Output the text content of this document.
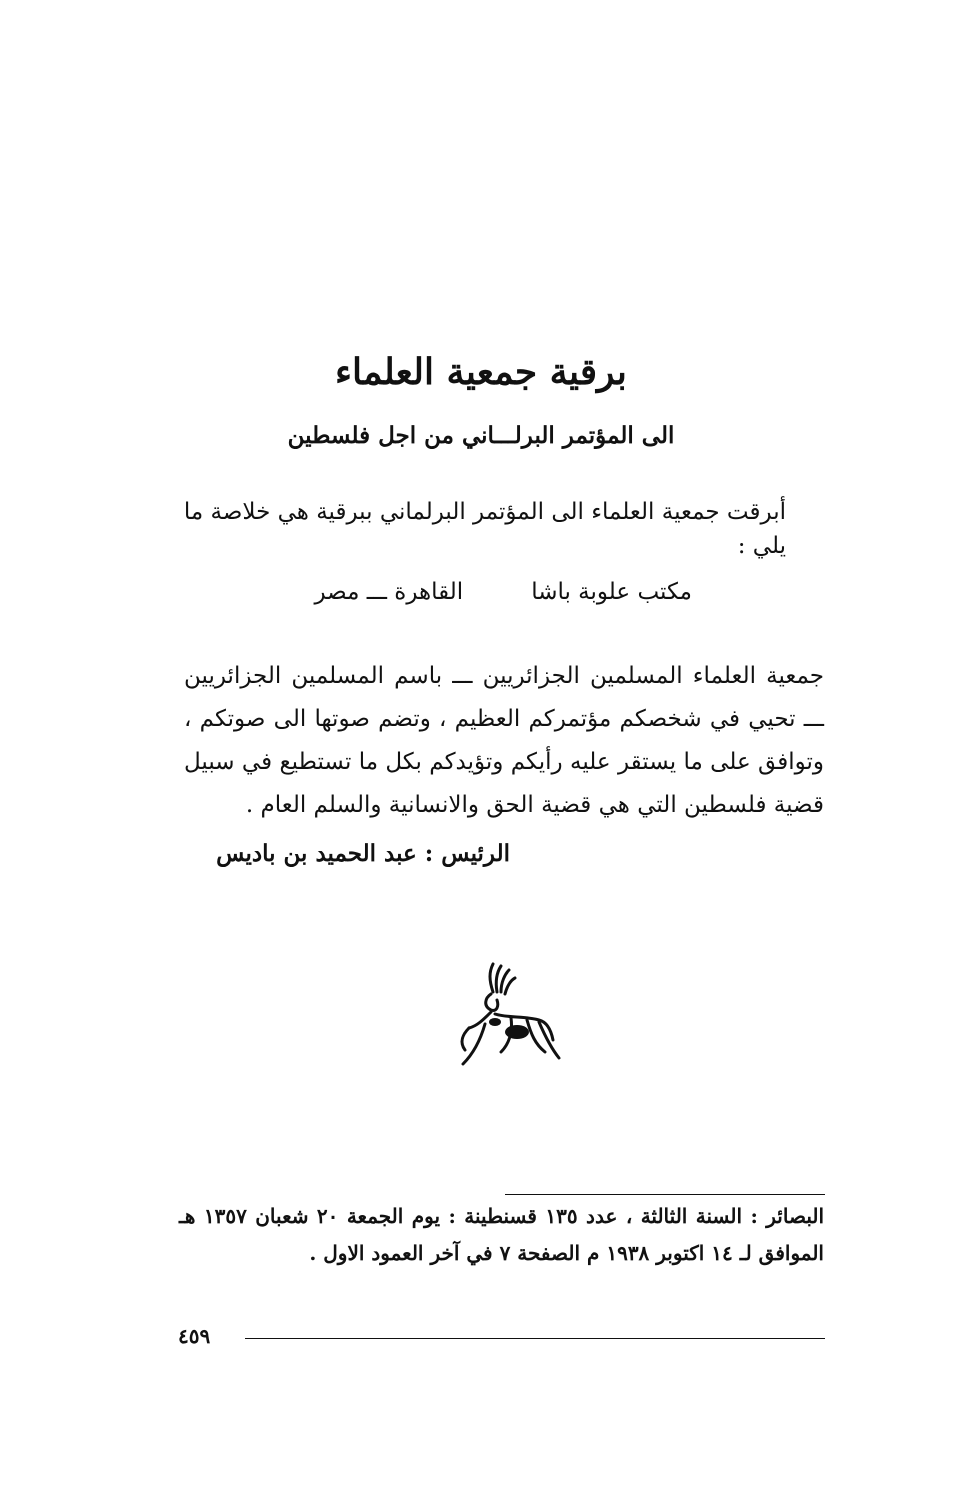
برقية جمعية العلماء
الى المؤتمر البرلـــاني من اجل فلسطين
أبرقت جمعية العلماء الى المؤتمر البرلماني ببرقية هي خلاصة ما يلي :
مكتب علوبة باشا
القاهرة ـــ مصر
جمعية العلماء المسلمين الجزائريين ـــ باسم المسلمين الجزائريين ـــ تحيي في شخصكم مؤتمركم العظيم ، وتضم صوتها الى صوتكم ، وتوافق على ما يستقر عليه رأيكم وتؤيدكم بكل ما تستطيع في سبيل قضية فلسطين التي هي قضية الحق والانسانية والسلم العام .
الرئيس : عبد الحميد بن باديس
البصائر : السنة الثالثة ، عدد ١٣٥ قسنطينة : يوم الجمعة ٢٠ شعبان ١٣٥٧ هـ الموافق لـ ١٤ اكتوبر ١٩٣٨ م الصفحة ٧ في آخر العمود الاول .
٤٥٩
